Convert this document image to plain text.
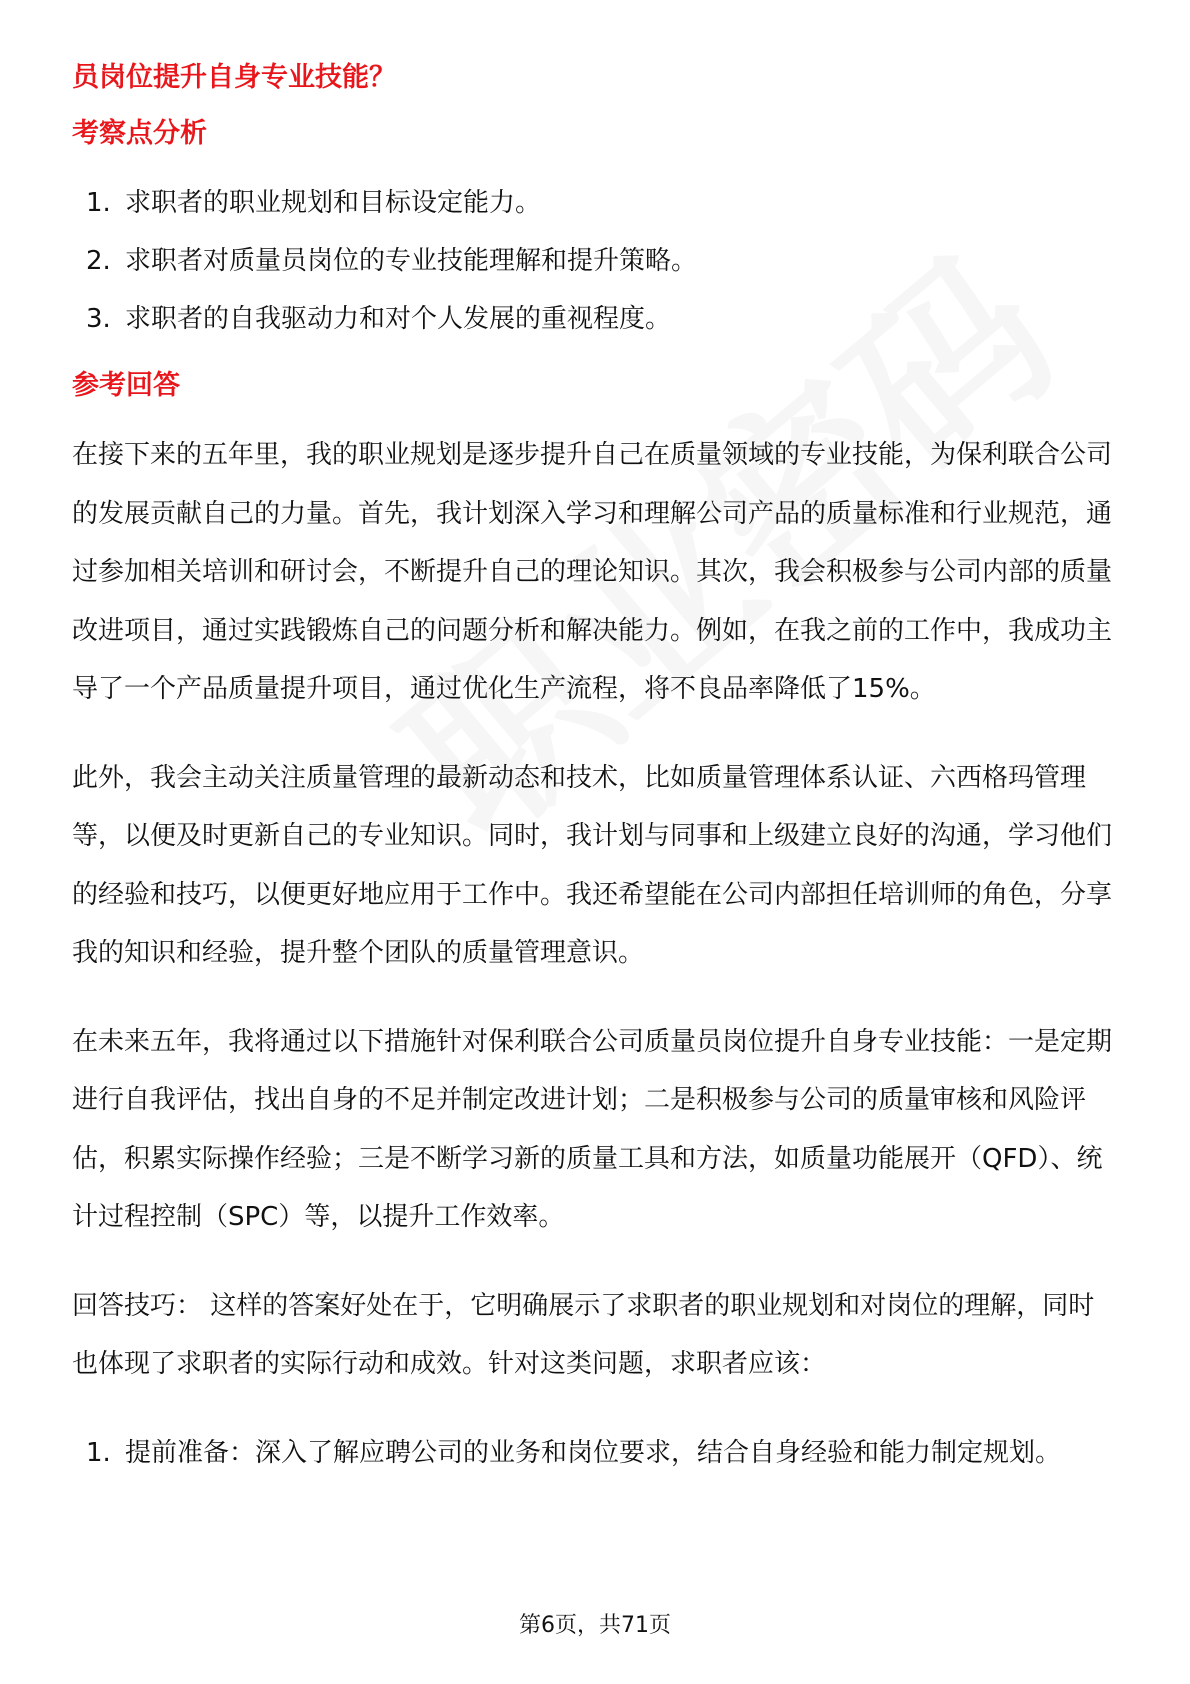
员岗位提升自身专业技能？
考察点分析
1. 求职者的职业规划和目标设定能力。
2. 求职者对质量员岗位的专业技能理解和提升策略。
3. 求职者的自我驱动力和对个人发展的重视程度。
参考回答

在接下来的五年里，我的职业规划是逐步提升自己在质量领域的专业技能，为保利联合公司的发展贡献自己的力量。首先，我计划深入学习和理解公司产品的质量标准和行业规范，通过参加相关培训和研讨会，不断提升自己的理论知识。其次，我会积极参与公司内部的质量改进项目，通过实践锻炼自己的问题分析和解决能力。例如，在我之前的工作中，我成功主导了一个产品质量提升项目，通过优化生产流程，将不良品率降低了15%。

此外，我会主动关注质量管理的最新动态和技术，比如质量管理体系认证、六西格玛管理等，以便及时更新自己的专业知识。同时，我计划与同事和上级建立良好的沟通，学习他们的经验和技巧，以便更好地应用于工作中。我还希望能在公司内部担任培训师的角色，分享我的知识和经验，提升整个团队的质量管理意识。

在未来五年，我将通过以下措施针对保利联合公司质量员岗位提升自身专业技能：一是定期进行自我评估，找出自身的不足并制定改进计划；二是积极参与公司的质量审核和风险评估，积累实际操作经验；三是不断学习新的质量工具和方法，如质量功能展开（QFD）、统计过程控制（SPC）等，以提升工作效率。

回答技巧： 这样的答案好处在于，它明确展示了求职者的职业规划和对岗位的理解，同时也体现了求职者的实际行动和成效。针对这类问题，求职者应该：

1. 提前准备：深入了解应聘公司的业务和岗位要求，结合自身经验和能力制定规划。
第6页，共71页
